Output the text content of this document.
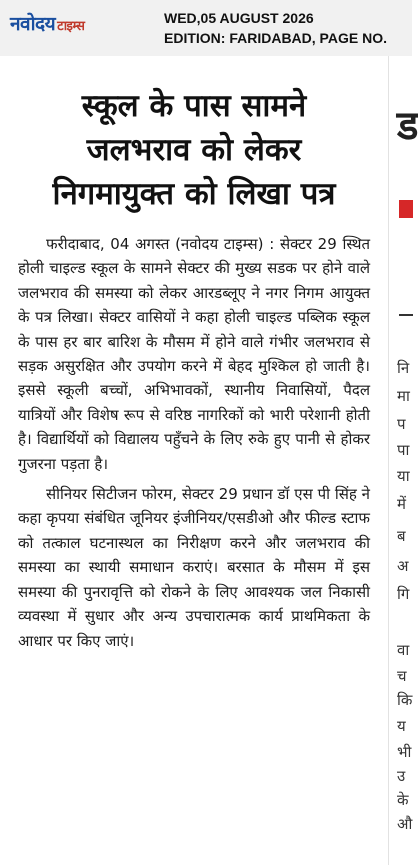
नवोदय टाइम्स
WED,05 AUGUST 2026
EDITION: FARIDABAD, PAGE NO.
स्कूल के पास सामने
जलभराव को लेकर
निगमायुक्त को लिखा पत्र

फरीदाबाद, 04 अगस्त (नवोदय टाइम्स) : सेक्टर 29 स्थित होली चाइल्ड स्कूल के सामने सेक्टर की मुख्य सडक पर होने वाले जलभराव की समस्या को लेकर आरडब्लूए ने नगर निगम आयुक्त के पत्र लिखा। सेक्टर वासियों ने कहा होली चाइल्ड पब्लिक स्कूल के पास हर बार बारिश के मौसम में होने वाले गंभीर जलभराव से सड़क असुरक्षित और उपयोग करने में बेहद मुश्किल हो जाती है। इससे स्कूली बच्चों, अभिभावकों, स्थानीय निवासियों, पैदल यात्रियों और विशेष रूप से वरिष्ठ नागरिकों को भारी परेशानी होती है। विद्यार्थियों को विद्यालय पहुँचने के लिए रुके हुए पानी से होकर गुजरना पड़ता है।

सीनियर सिटीजन फोरम, सेक्टर 29 प्रधान डॉ एस पी सिंह ने कहा कृपया संबंधित जूनियर इंजीनियर/एसडीओ और फील्ड स्टाफ को तत्काल घटनास्थल का निरीक्षण करने और जलभराव की समस्या का स्थायी समाधान कराएं। बरसात के मौसम में इस समस्या की पुनरावृत्ति को रोकने के लिए आवश्यक जल निकासी व्यवस्था में सुधार और अन्य उपचारात्मक कार्य प्राथमिकता के आधार पर किए जाएं।

ड
नि
मा
प
पा
या
में
ब
अ
गि
वा
च
कि
य
भी
उ
के
औ
